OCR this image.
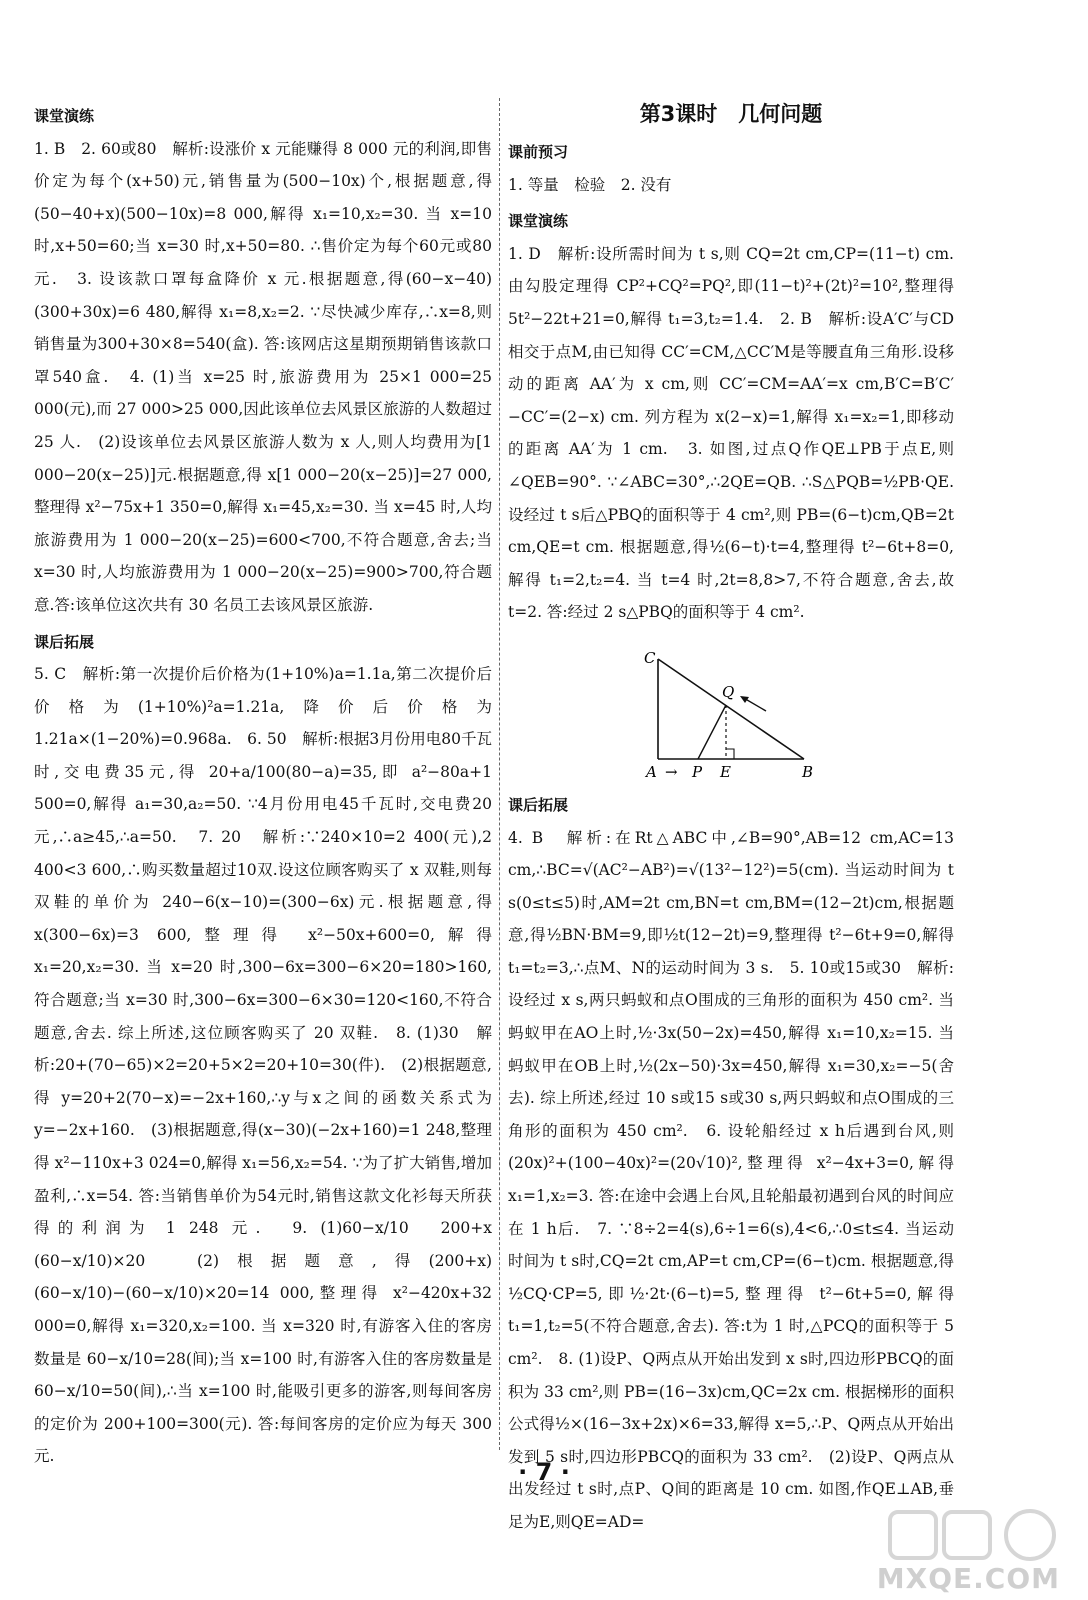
课堂演练

1. B　2. 60或80　解析:设涨价 x 元能赚得 8 000 元的利润,即售价定为每个(x+50)元,销售量为(500−10x)个,根据题意,得(50−40+x)(500−10x)=8 000,解得 x₁=10,x₂=30. 当 x=10 时,x+50=60;当 x=30 时,x+50=80. ∴售价定为每个60元或80元.　3. 设该款口罩每盒降价 x 元.根据题意,得(60−x−40)(300+30x)=6 480,解得 x₁=8,x₂=2. ∵尽快减少库存,∴x=8,则销售量为300+30×8=540(盒). 答:该网店这星期预期销售该款口罩540盒.　4. (1)当 x=25 时,旅游费用为 25×1 000=25 000(元),而 27 000>25 000,因此该单位去风景区旅游的人数超过 25 人.　(2)设该单位去风景区旅游人数为 x 人,则人均费用为[1 000−20(x−25)]元.根据题意,得 x[1 000−20(x−25)]=27 000,整理得 x²−75x+1 350=0,解得 x₁=45,x₂=30. 当 x=45 时,人均旅游费用为 1 000−20(x−25)=600<700,不符合题意,舍去;当 x=30 时,人均旅游费用为 1 000−20(x−25)=900>700,符合题意.答:该单位这次共有 30 名员工去该风景区旅游.

课后拓展

5. C　解析:第一次提价后价格为(1+10%)a=1.1a,第二次提价后价格为(1+10%)²a=1.21a,降价后价格为 1.21a×(1−20%)=0.968a.　6. 50　解析:根据3月份用电80千瓦时,交电费35元,得 20+a/100(80−a)=35,即 a²−80a+1 500=0,解得 a₁=30,a₂=50. ∵4月份用电45千瓦时,交电费20元,∴a≥45,∴a=50.　7. 20　解析:∵240×10=2 400(元),2 400<3 600,∴购买数量超过10双.设这位顾客购买了 x 双鞋,则每双鞋的单价为 240−6(x−10)=(300−6x)元.根据题意,得 x(300−6x)=3 600,整理得 x²−50x+600=0,解得 x₁=20,x₂=30. 当 x=20 时,300−6x=300−6×20=180>160,符合题意;当 x=30 时,300−6x=300−6×30=120<160,不符合题意,舍去. 综上所述,这位顾客购买了 20 双鞋.　8. (1)30　解析:20+(70−65)×2=20+5×2=20+10=30(件).　(2)根据题意,得 y=20+2(70−x)=−2x+160,∴y与x之间的函数关系式为 y=−2x+160.　(3)根据题意,得(x−30)(−2x+160)=1 248,整理得 x²−110x+3 024=0,解得 x₁=56,x₂=54. ∵为了扩大销售,增加盈利,∴x=54. 答:当销售单价为54元时,销售这款文化衫每天所获得的利润为 1 248 元.　9. (1)60−x/10　200+x　(60−x/10)×20　(2)根据题意,得(200+x)(60−x/10)−(60−x/10)×20=14 000,整理得 x²−420x+32 000=0,解得 x₁=320,x₂=100. 当 x=320 时,有游客入住的客房数量是 60−x/10=28(间);当 x=100 时,有游客入住的客房数量是 60−x/10=50(间),∴当 x=100 时,能吸引更多的游客,则每间客房的定价为 200+100=300(元). 答:每间客房的定价应为每天 300 元.

第3课时　几何问题
课前预习

1. 等量　检验　2. 没有

课堂演练

1. D　解析:设所需时间为 t s,则 CQ=2t cm,CP=(11−t) cm. 由勾股定理得 CP²+CQ²=PQ²,即(11−t)²+(2t)²=10²,整理得 5t²−22t+21=0,解得 t₁=3,t₂=1.4.　2. B　解析:设A′C′与CD相交于点M,由已知得 CC′=CM,△CC′M是等腰直角三角形.设移动的距离 AA′为 x cm,则 CC′=CM=AA′=x cm,B′C=B′C′−CC′=(2−x) cm. 列方程为 x(2−x)=1,解得 x₁=x₂=1,即移动的距离 AA′为 1 cm.　3. 如图,过点Q作QE⊥PB于点E,则∠QEB=90°. ∵∠ABC=30°,∴2QE=QB. ∴S△PQB=½PB·QE. 设经过 t s后△PBQ的面积等于 4 cm²,则 PB=(6−t)cm,QB=2t cm,QE=t cm. 根据题意,得½(6−t)·t=4,整理得 t²−6t+8=0,解得 t₁=2,t₂=4. 当 t=4 时,2t=8,8>7,不符合题意,舍去,故 t=2. 答:经过 2 s△PBQ的面积等于 4 cm².

C
Q
A → P E	B
课后拓展

4. B　解析:在Rt△ABC中,∠B=90°,AB=12 cm,AC=13 cm,∴BC=√(AC²−AB²)=√(13²−12²)=5(cm). 当运动时间为 t s(0≤t≤5)时,AM=2t cm,BN=t cm,BM=(12−2t)cm,根据题意,得½BN·BM=9,即½t(12−2t)=9,整理得 t²−6t+9=0,解得 t₁=t₂=3,∴点M、N的运动时间为 3 s.　5. 10或15或30　解析:设经过 x s,两只蚂蚁和点O围成的三角形的面积为 450 cm². 当蚂蚁甲在AO上时,½·3x(50−2x)=450,解得 x₁=10,x₂=15. 当蚂蚁甲在OB上时,½(2x−50)·3x=450,解得 x₁=30,x₂=−5(舍去). 综上所述,经过 10 s或15 s或30 s,两只蚂蚁和点O围成的三角形的面积为 450 cm².　6. 设轮船经过 x h后遇到台风,则(20x)²+(100−40x)²=(20√10)²,整理得 x²−4x+3=0,解得 x₁=1,x₂=3. 答:在途中会遇上台风,且轮船最初遇到台风的时间应在 1 h后.　7. ∵8÷2=4(s),6÷1=6(s),4<6,∴0≤t≤4. 当运动时间为 t s时,CQ=2t cm,AP=t cm,CP=(6−t)cm. 根据题意,得½CQ·CP=5,即½·2t·(6−t)=5,整理得 t²−6t+5=0,解得 t₁=1,t₂=5(不符合题意,舍去). 答:t为 1 时,△PCQ的面积等于 5 cm².　8. (1)设P、Q两点从开始出发到 x s时,四边形PBCQ的面积为 33 cm²,则 PB=(16−3x)cm,QC=2x cm. 根据梯形的面积公式得½×(16−3x+2x)×6=33,解得 x=5,∴P、Q两点从开始出发到 5 s时,四边形PBCQ的面积为 33 cm².　(2)设P、Q两点从出发经过 t s时,点P、Q间的距离是 10 cm. 如图,作QE⊥AB,垂足为E,则QE=AD=

· 7 ·
MXQE.COM
